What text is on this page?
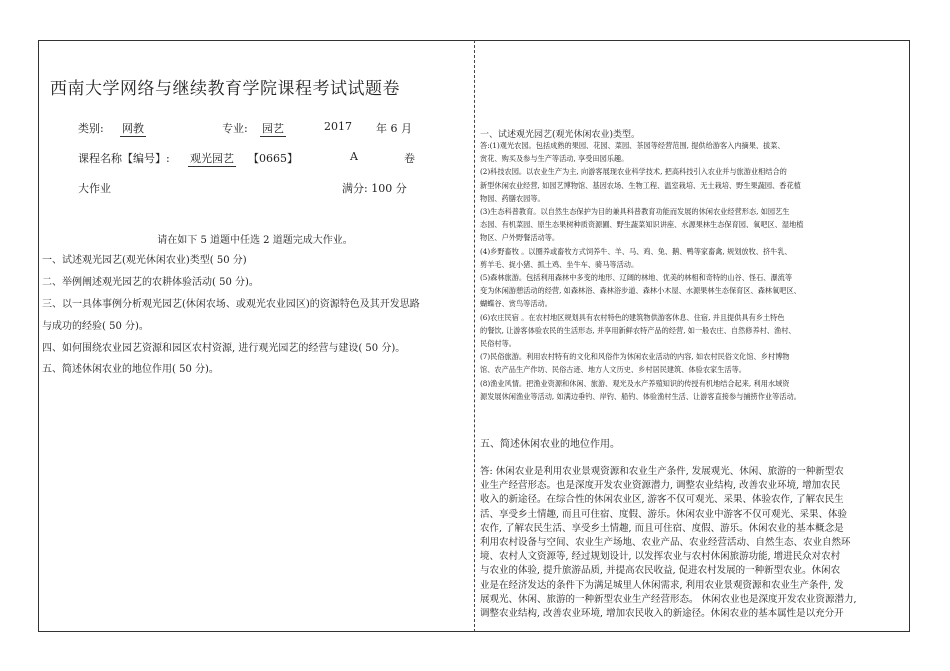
西南大学网络与继续教育学院课程考试试题卷
类别: 网教	专业: 园艺	2017 年 6 月
课程名称【编号】: 观光园艺 【0665】	A	卷
大作业	满分: 100 分
请在如下 5 道题中任选 2 道题完成大作业。
一、试述观光园艺(观光休闲农业)类型( 50 分)
二、举例阐述观光园艺的农耕体验活动( 50 分)。
三、以一具体事例分析观光园艺(休闲农场、或观光农业园区)的资源特色及其开发思路
与成功的经验( 50 分)。
四、如何围绕农业园艺资源和园区农村资源, 进行观光园艺的经营与建设( 50 分)。
五、简述休闲农业的地位作用( 50 分)。
一、试述观光园艺(观光休闲农业)类型。

答:(1)观光农园。包括成熟的果园、花园、菜园、茶园等经营范围, 提供给游客入内摘果、拔菜、

赏花、购买及参与生产等活动, 享受田园乐趣。

(2)科技农园。以农业生产为主, 向游客展现农业科学技术, 把高科技引入农业并与旅游业相结合的

新型休闲农业经营, 如园艺博物馆、基因农场、生物工程、温室栽培、无土栽培、野生果蔬园、香花植

物园、药膳农园等。

(3)生态科普教育。以自然生态保护为目的兼具科普教育功能而发展的休闲农业经营形态, 如园艺生

态园、有机菜园、原生态果树种质资源圃、野生蔬菜知识讲座、水源果林生态保育园、氧吧区、湿地植

物区、户外野餐活动等。

(4)乡野畜牧 。以圈养或畜牧方式饲养牛、羊、马、鸡、兔、鹅、鸭等家畜禽, 规划放牧、挤牛乳、

剪羊毛、捉小猪、抓土鸡、坐牛车、骑马等活动。

(5)森林旅游。包括利用森林中多变的地形、辽阔的林地、优美的林相和奇特的山谷、怪石、瀑流等

变为休闲游憩活动的经营, 如森林浴、森林浴步道、森林小木屋、水源果林生态保育区、森林氧吧区、

蝴蝶谷、赏鸟等活动。

(6)农庄民宿 。在农村地区规划具有农村特色的建筑物供游客休息、住宿, 并且提供具有乡土特色

的餐饮, 让游客体验农民的生活形态, 并享用新鲜农特产品的经营, 如一般农庄、自然修养村、渔村、

民俗村等。

(7)民俗旅游。利用农村特有的文化和风俗作为休闲农业活动的内容, 如农村民俗文化馆、乡村博物

馆、农产品生产作坊、民俗古迹、地方人文历史、乡村居民建筑、体验农家生活等。

(8)渔业风情。把渔业资源和休闲、旅游、观光及水产养殖知识的传授有机地结合起来, 利用水域资

源发展休闲渔业等活动, 如满边垂钓、岸钓、船钓、体验渔村生活、让游客直接参与捕捞作业等活动。

五、简述休闲农业的地位作用。

答: 休闲农业是利用农业景观资源和农业生产条件, 发展观光、休闲、旅游的一种新型农

业生产经营形态。也是深度开发农业资源潜力, 调整农业结构, 改善农业环境, 增加农民

收入的新途径。在综合性的休闲农业区, 游客不仅可观光、采果、体验农作, 了解农民生

活、享受乡土情趣, 而且可住宿、度假、游乐。休闲农业中游客不仅可观光、采果、体验

农作, 了解农民生活、享受乡土情趣, 而且可住宿、度假、游乐。休闲农业的基本概念是

利用农村设备与空间、农业生产场地、农业产品、农业经营活动、自然生态、农业自然环

境、农村人文资源等, 经过规划设计, 以发挥农业与农村休闲旅游功能, 增进民众对农村

与农业的体验, 提升旅游品质, 并提高农民收益, 促进农村发展的一种新型农业。休闲农

业是在经济发达的条件下为满足城里人休闲需求, 利用农业景观资源和农业生产条件, 发

展观光、休闲、旅游的一种新型农业生产经营形态。 休闲农业也是深度开发农业资源潜力,

调整农业结构, 改善农业环境, 增加农民收入的新途径。休闲农业的基本属性是以充分开
